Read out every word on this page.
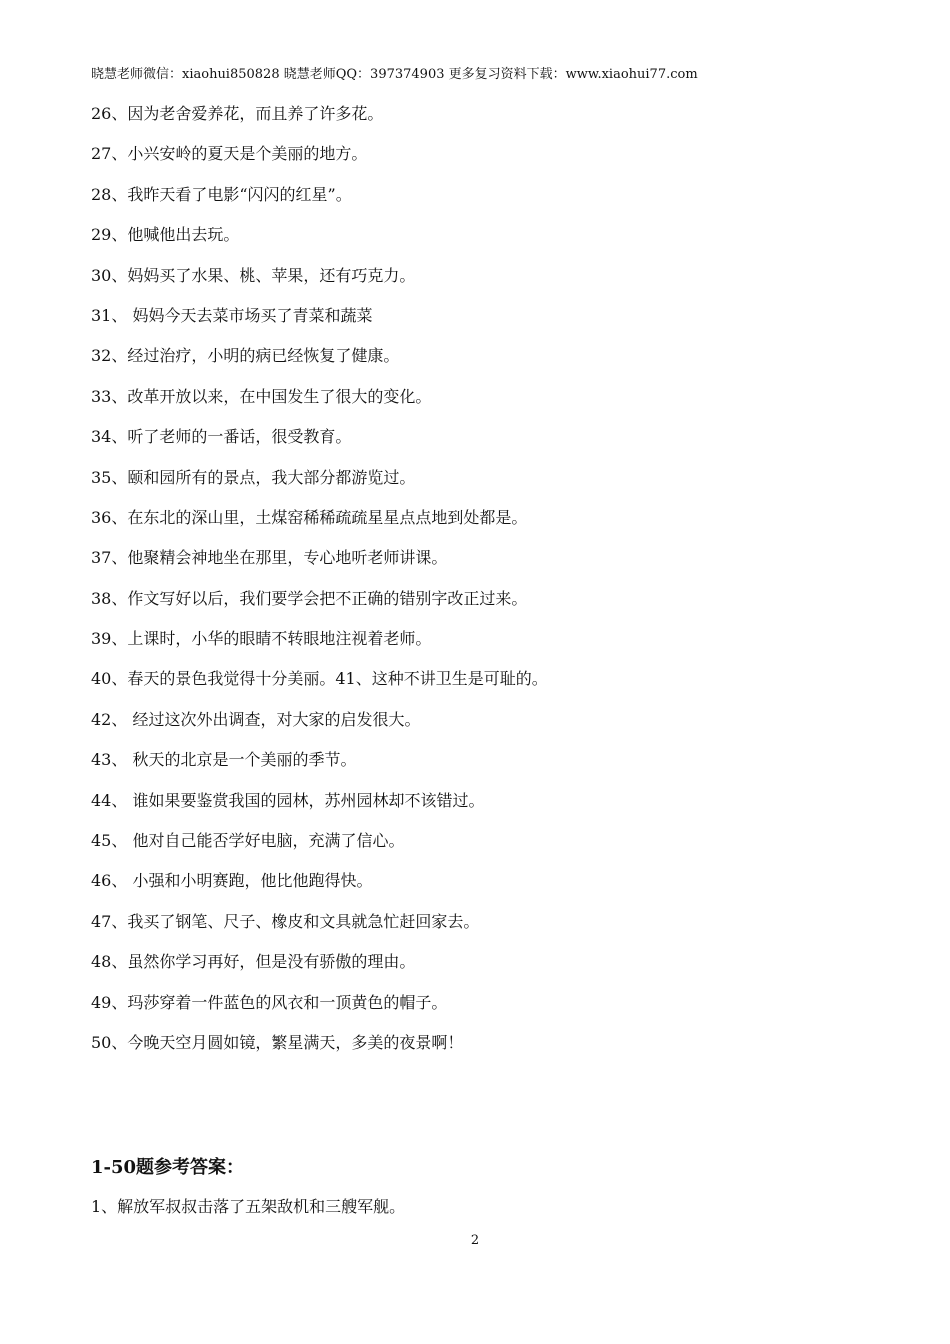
晓慧老师微信：xiaohui850828 晓慧老师QQ：397374903 更多复习资料下载：www.xiaohui77.com
26、因为老舍爱养花，而且养了许多花。
27、小兴安岭的夏天是个美丽的地方。
28、我昨天看了电影“闪闪的红星”。
29、他喊他出去玩。
30、妈妈买了水果、桃、苹果，还有巧克力。
31、 妈妈今天去菜市场买了青菜和蔬菜
32、经过治疗，小明的病已经恢复了健康。
33、改革开放以来，在中国发生了很大的变化。
34、听了老师的一番话，很受教育。
35、颐和园所有的景点，我大部分都游览过。
36、在东北的深山里，土煤窑稀稀疏疏星星点点地到处都是。
37、他聚精会神地坐在那里，专心地听老师讲课。
38、作文写好以后，我们要学会把不正确的错别字改正过来。
39、上课时，小华的眼睛不转眼地注视着老师。
40、春天的景色我觉得十分美丽。41、这种不讲卫生是可耻的。
42、 经过这次外出调查，对大家的启发很大。
43、 秋天的北京是一个美丽的季节。
44、 谁如果要鉴赏我国的园林，苏州园林却不该错过。
45、 他对自己能否学好电脑，充满了信心。
46、 小强和小明赛跑，他比他跑得快。
47、我买了钢笔、尺子、橡皮和文具就急忙赶回家去。
48、虽然你学习再好，但是没有骄傲的理由。
49、玛莎穿着一件蓝色的风衣和一顶黄色的帽子。
50、今晚天空月圆如镜，繁星满天，多美的夜景啊！
1-50题参考答案：
1、解放军叔叔击落了五架敌机和三艘军舰。
2
